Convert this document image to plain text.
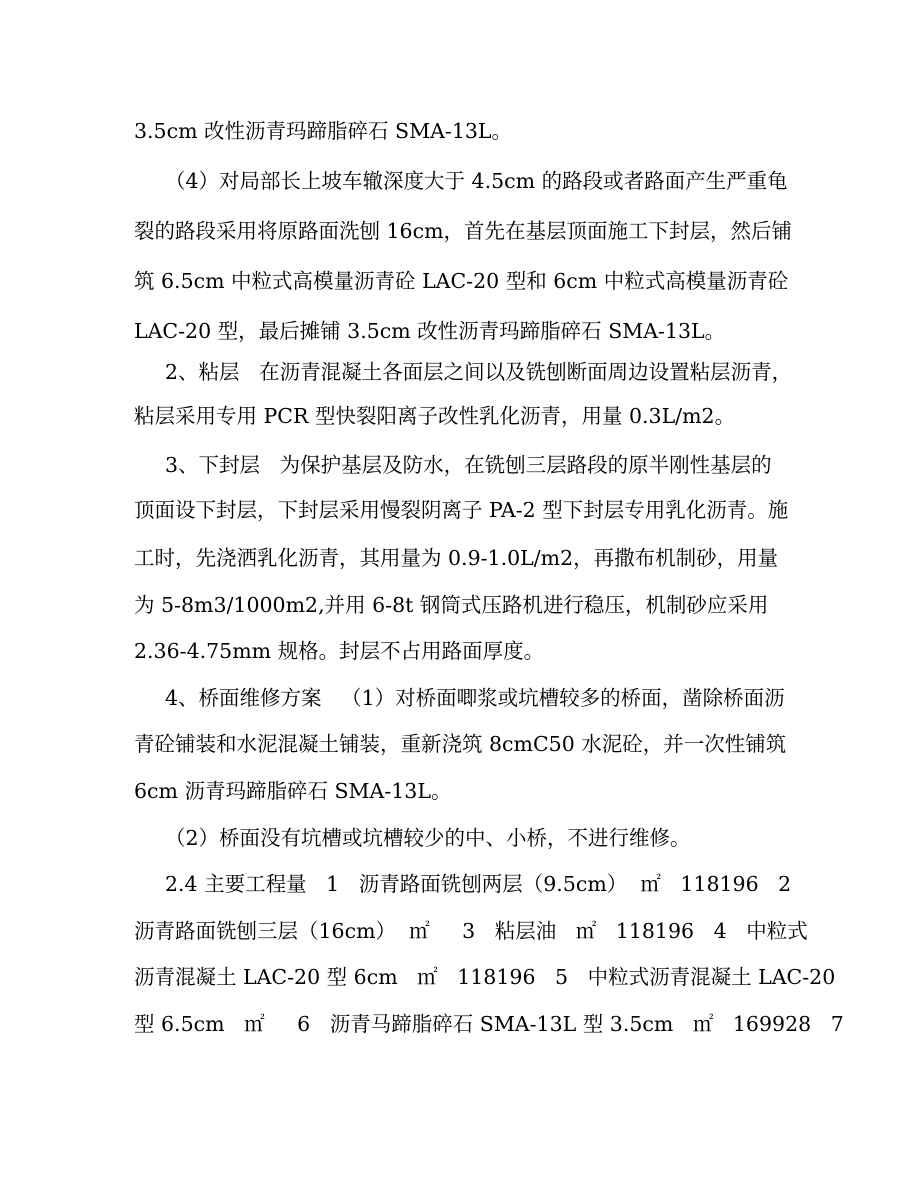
3.5cm 改性沥青玛蹄脂碎石 SMA-13L。
（4）对局部长上坡车辙深度大于 4.5cm 的路段或者路面产生严重龟
裂的路段采用将原路面洗刨 16cm，首先在基层顶面施工下封层，然后铺
筑 6.5cm 中粒式高模量沥青砼 LAC-20 型和 6cm 中粒式高模量沥青砼
LAC-20 型，最后摊铺 3.5cm 改性沥青玛蹄脂碎石 SMA-13L。
2、粘层   在沥青混凝土各面层之间以及铣刨断面周边设置粘层沥青，
粘层采用专用 PCR 型快裂阳离子改性乳化沥青，用量 0.3L/m2。
3、下封层   为保护基层及防水，在铣刨三层路段的原半刚性基层的
顶面设下封层，下封层采用慢裂阴离子 PA-2 型下封层专用乳化沥青。施
工时，先浇洒乳化沥青，其用量为 0.9-1.0L/m2，再撒布机制砂，用量
为 5-8m3/1000m2,并用 6-8t 钢筒式压路机进行稳压，机制砂应采用
2.36-4.75mm 规格。封层不占用路面厚度。
4、桥面维修方案   （1）对桥面唧浆或坑槽较多的桥面，凿除桥面沥
青砼铺装和水泥混凝土铺装，重新浇筑 8cmC50 水泥砼，并一次性铺筑
6cm 沥青玛蹄脂碎石 SMA-13L。
（2）桥面没有坑槽或坑槽较少的中、小桥，不进行维修。
2.4 主要工程量   1   沥青路面铣刨两层（9.5cm）  ㎡   118196   2
沥青路面铣刨三层（16cm）  ㎡     3   粘层油   ㎡   118196   4   中粒式
沥青混凝土 LAC-20 型 6cm   ㎡   118196   5   中粒式沥青混凝土 LAC-20
型 6.5cm   ㎡     6   沥青马蹄脂碎石 SMA-13L 型 3.5cm   ㎡   169928   7
